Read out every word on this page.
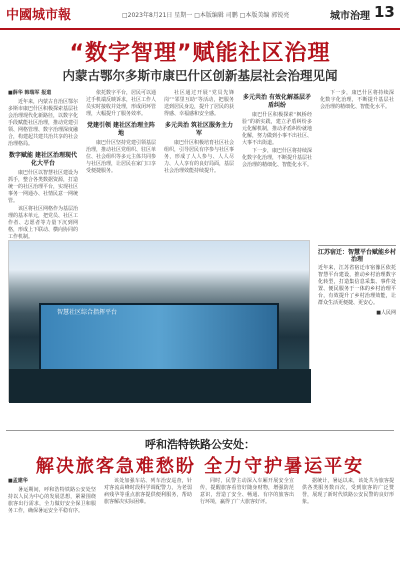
中國城市報	□2023年8月21日 星期一 □本版编辑 司鹏 □本版美编 郭锐亮	城市治理 13
“数字智理”赋能社区治理
内蒙古鄂尔多斯市康巴什区创新基层社会治理见闻
■薛华 韩瑞军 报道

近年来，内蒙古自治区鄂尔多斯市康巴什区积极探索基层社会治理现代化新路径，以数字化手段赋能社区治理，推动党建引领、网格管理、数字治理深度融合，构建起共建共治共享的社会治理格局。

数字赋能 建社区治理现代化大平台

康巴什区以智慧社区建设为抓手，整合各类数据资源，打造统一的社区治理平台，实现社区事务一网通办、社情民意一网统管。

该区将社区网格作为基层治理的基本单元，把党员、社区工作者、志愿者等力量下沉到网格，形成上下联动、横向协同的工作机制。

依托数字平台，居民可以通过手机端反映诉求，社区工作人员实时接收并处理，形成闭环管理，大幅提升了服务效率。

党建引领 建社区治理主阵地

康巴什区坚持党建引领基层治理，推动社区党组织、驻区单位、社会组织等多元主体共同参与社区治理，让居民在家门口享受便捷服务。

社区通过开展“党员先锋岗”“邻里互助”等活动，把服务送到居民身边，提升了居民的获得感、幸福感和安全感。

多元共治 筑社区服务主力军

康巴什区积极培育社区社会组织，引导居民有序参与社区事务，形成了人人参与、人人尽力、人人享有的良好局面，基层社会治理效能持续提升。

多元共治 有效化解基层矛盾纠纷

康巴什区积极探索“枫桥经验”的新实践，建立矛盾纠纷多元化解机制，推动矛盾纠纷就地化解，努力做到小事不出社区、大事不出街道。

下一步，康巴什区将持续深化数字化治理，不断提升基层社会治理的精细化、智能化水平。

下一步，康巴什区将持续深化数字化治理，不断提升基层社会治理的精细化、智能化水平。

智慧社区综合指挥平台
江苏宿迁：智慧平台赋能乡村治理

近年来，江苏省宿迁市宿豫区依托智慧平台建设，推动乡村治理数字化转型，打造集信息采集、事件处置、便民服务于一体的乡村治理平台，有效提升了乡村治理效能，让群众生活更便捷、更安心。

■人民网
呼和浩特铁路公安处：
解决旅客急难愁盼 全力守护暑运平安
■孟建华

暑运期间，呼和浩特铁路公安处坚持以人民为中心的发展思想，紧紧围绕旅客出行需求，全力做好安全保卫和服务工作，确保暑运安全平稳有序。

该处加强车站、列车治安巡查，针对客流高峰时段科学调配警力，为老弱病残孕等重点旅客提供便利服务，帮助旅客解决实际困难。

同时，民警主动深入车厢开展安全宣传，提醒旅客看管好随身财物，增强防范意识，营造了安全、畅通、有序的旅客出行环境，赢得了广大旅客好评。

据统计，暑运以来，该处共为旅客提供各类服务数百次，受到旅客的广泛赞誉，展现了新时代铁路公安民警的良好形象。
